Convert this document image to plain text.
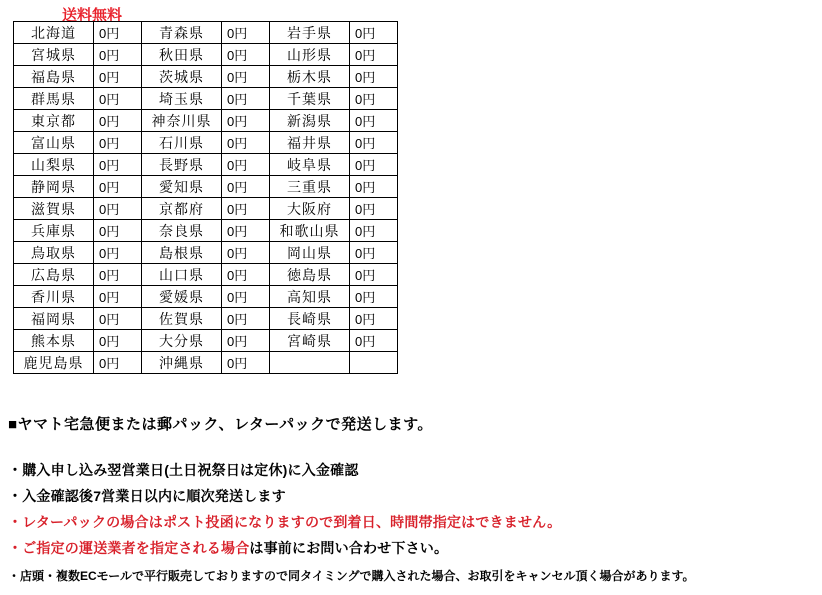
送料無料
北海道	0円	青森県	0円	岩手県	0円
宮城県	0円	秋田県	0円	山形県	0円
福島県	0円	茨城県	0円	栃木県	0円
群馬県	0円	埼玉県	0円	千葉県	0円
東京都	0円	神奈川県	0円	新潟県	0円
富山県	0円	石川県	0円	福井県	0円
山梨県	0円	長野県	0円	岐阜県	0円
静岡県	0円	愛知県	0円	三重県	0円
滋賀県	0円	京都府	0円	大阪府	0円
兵庫県	0円	奈良県	0円	和歌山県	0円
鳥取県	0円	島根県	0円	岡山県	0円
広島県	0円	山口県	0円	徳島県	0円
香川県	0円	愛媛県	0円	高知県	0円
福岡県	0円	佐賀県	0円	長崎県	0円
熊本県	0円	大分県	0円	宮崎県	0円
鹿児島県	0円	沖縄県	0円		
■ヤマト宅急便または郵パック、レターパックで発送します。
・購入申し込み翌営業日(土日祝祭日は定休)に入金確認
・入金確認後7営業日以内に順次発送します
・レターパックの場合はポスト投函になりますので到着日、時間帯指定はできません。
・ご指定の運送業者を指定される場合は事前にお問い合わせ下さい。
・店頭・複数ECモールで平行販売しておりますので同タイミングで購入された場合、お取引をキャンセル頂く場合があります。
